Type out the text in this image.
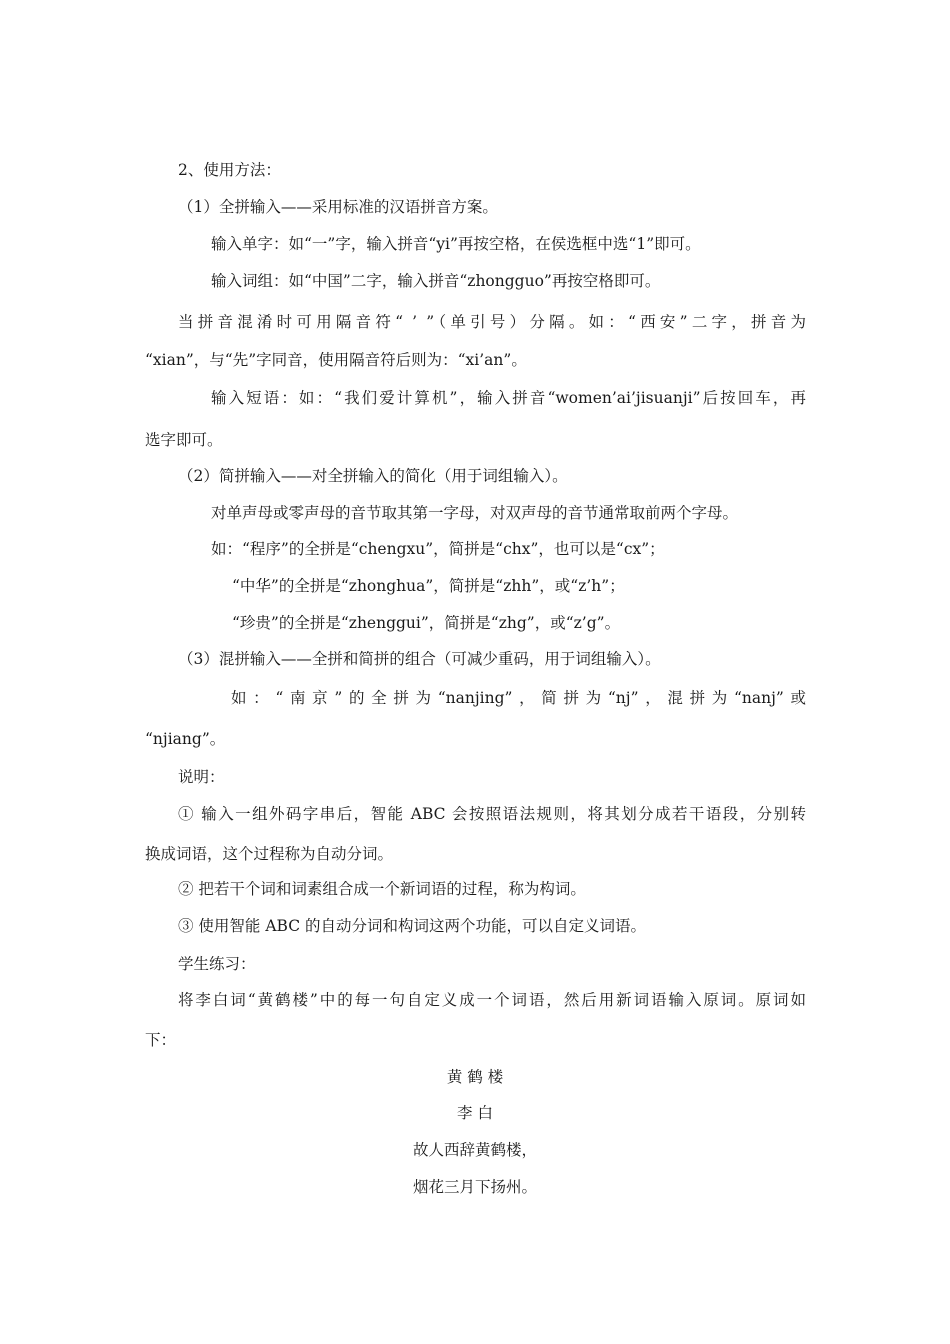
2、使用方法：
（1）全拼输入——采用标准的汉语拼音方案。
输入单字：如“一”字，输入拼音“yi”再按空格，在侯选框中选“1”即可。
输入词组：如“中国”二字，输入拼音“zhongguo”再按空格即可。
当拼音混淆时可用隔音符“ ’ ”（单引号）分隔。如：“西安”二字，拼音为
“xian”，与“先”字同音，使用隔音符后则为：“xi’an”。
输入短语：如：“我们爱计算机”，输入拼音“women’ai’jisuanji”后按回车，再
选字即可。
（2）简拼输入——对全拼输入的简化（用于词组输入）。
对单声母或零声母的音节取其第一字母，对双声母的音节通常取前两个字母。
如：“程序”的全拼是“chengxu”，简拼是“chx”，也可以是“cx”；
“中华”的全拼是“zhonghua”，简拼是“zhh”，或“z’h”；
“珍贵”的全拼是“zhenggui”，简拼是“zhg”，或“z’g”。
（3）混拼输入——全拼和简拼的组合（可减少重码，用于词组输入）。
如：“南京”的全拼为“nanjing”，简拼为“nj”，混拼为“nanj”或
“njiang”。
说明：
① 输入一组外码字串后，智能 ABC 会按照语法规则，将其划分成若干语段，分别转
换成词语，这个过程称为自动分词。
② 把若干个词和词素组合成一个新词语的过程，称为构词。
③ 使用智能 ABC 的自动分词和构词这两个功能，可以自定义词语。
学生练习：
将李白词“黄鹤楼”中的每一句自定义成一个词语，然后用新词语输入原词。原词如
下：
黄 鹤 楼
李 白
故人西辞黄鹤楼，
烟花三月下扬州。
